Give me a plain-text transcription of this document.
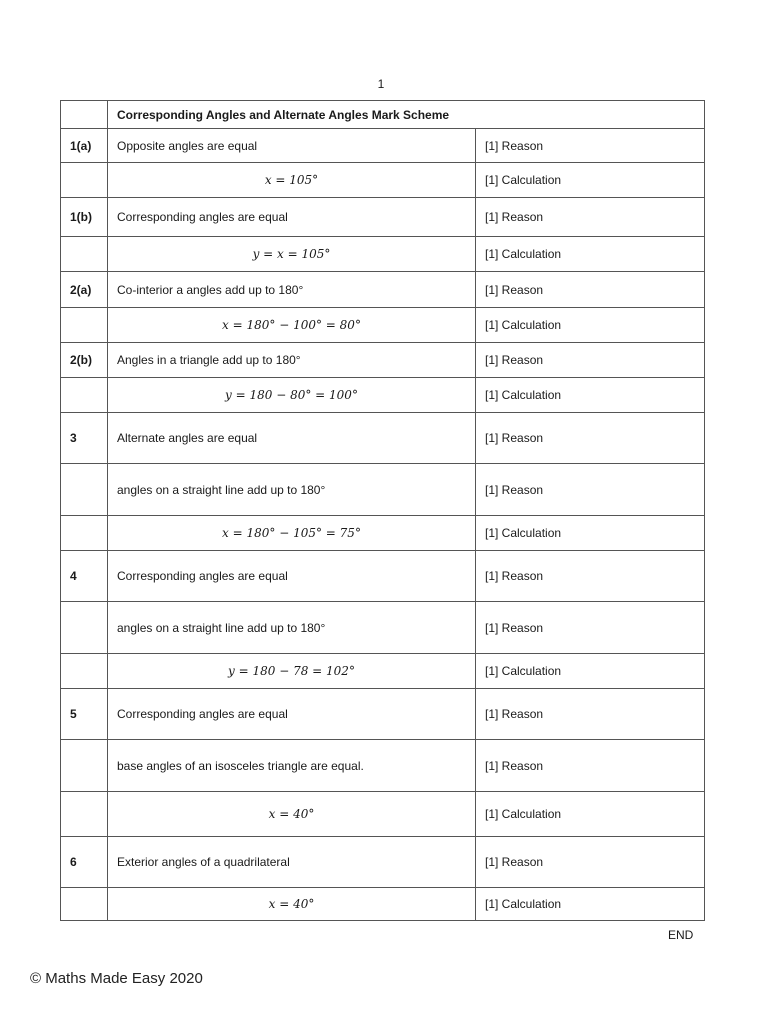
1
	Corresponding Angles and Alternate Angles Mark Scheme	
1(a)	Opposite angles are equal	[1] Reason
	x = 105°	[1] Calculation
1(b)	Corresponding angles are equal	[1] Reason
	y = x = 105°	[1] Calculation
2(a)	Co-interior a angles add up to 180°	[1] Reason
	x = 180° − 100° = 80°	[1] Calculation
2(b)	Angles in a triangle add up to 180°	[1] Reason
	y = 180 − 80° = 100°	[1] Calculation
3	Alternate angles are equal	[1] Reason
	angles on a straight line add up to 180°	[1] Reason
	x = 180° − 105° = 75°	[1] Calculation
4	Corresponding angles are equal	[1] Reason
	angles on a straight line add up to 180°	[1] Reason
	y = 180 − 78 = 102°	[1] Calculation
5	Corresponding angles are equal	[1] Reason
	base angles of an isosceles triangle are equal.	[1] Reason
	x = 40°	[1] Calculation
6	Exterior angles of a quadrilateral	[1] Reason
	x = 40°	[1] Calculation
END
© Maths Made Easy 2020
